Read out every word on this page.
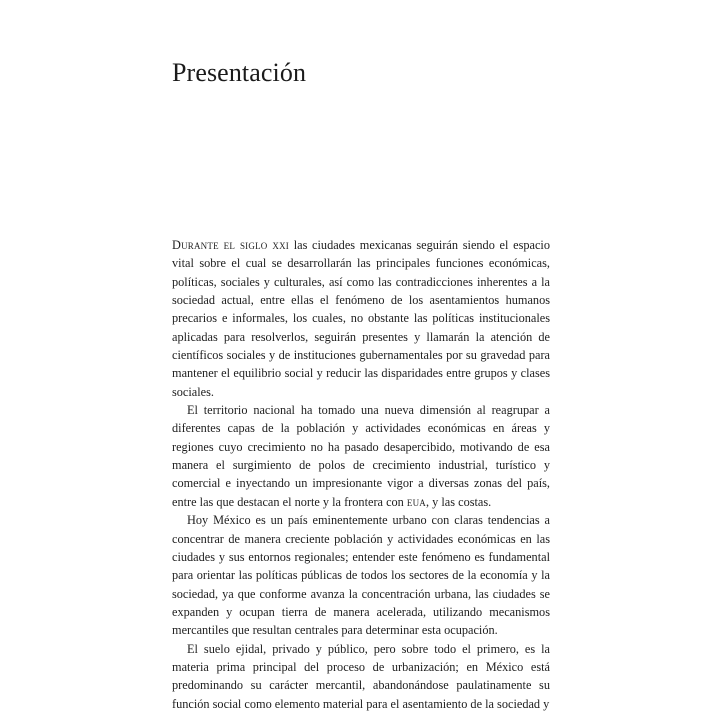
Presentación

Durante el siglo xxi las ciudades mexicanas seguirán siendo el espacio vital sobre el cual se desarrollarán las principales funciones económicas, políticas, sociales y culturales, así como las contradicciones inherentes a la sociedad actual, entre ellas el fenómeno de los asentamientos humanos precarios e informales, los cuales, no obstante las políticas institucionales aplicadas para resolverlos, seguirán presentes y llamarán la atención de científicos sociales y de instituciones gubernamentales por su gravedad para mantener el equilibrio social y reducir las disparidades entre grupos y clases sociales.

El territorio nacional ha tomado una nueva dimensión al reagrupar a diferentes capas de la población y actividades económicas en áreas y regiones cuyo crecimiento no ha pasado desapercibido, motivando de esa manera el surgimiento de polos de crecimiento industrial, turístico y comercial e inyectando un impresionante vigor a diversas zonas del país, entre las que destacan el norte y la frontera con eua, y las costas.

Hoy México es un país eminentemente urbano con claras tendencias a concentrar de manera creciente población y actividades económicas en las ciudades y sus entornos regionales; entender este fenómeno es fundamental para orientar las políticas públicas de todos los sectores de la economía y la sociedad, ya que conforme avanza la concentración urbana, las ciudades se expanden y ocupan tierra de manera acelerada, utilizando mecanismos mercantiles que resultan centrales para determinar esta ocupación.

El suelo ejidal, privado y público, pero sobre todo el primero, es la materia prima principal del proceso de urbanización; en México está predominando su carácter mercantil, abandonándose paulatinamente su función social como elemento material para el asentamiento de la sociedad y
